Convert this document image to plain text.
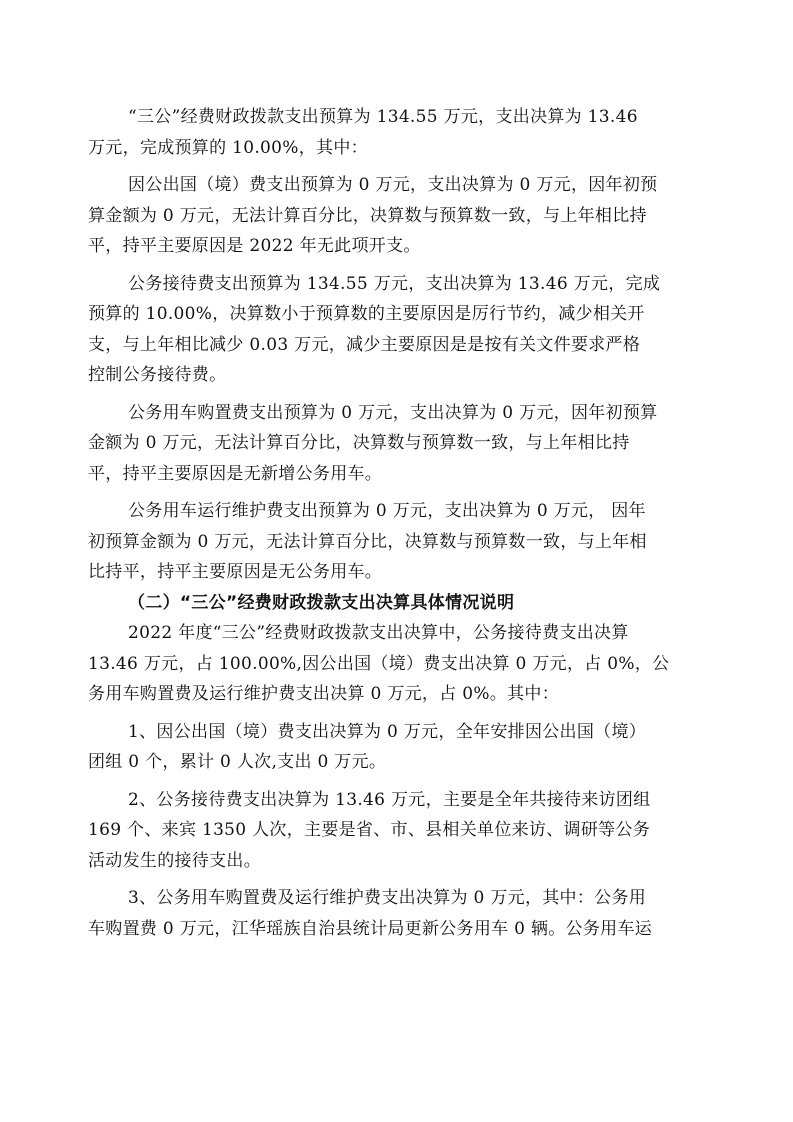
“三公”经费财政拨款支出预算为 134.55 万元，支出决算为 13.46
万元，完成预算的 10.00%，其中：
因公出国（境）费支出预算为 0 万元，支出决算为 0 万元，因年初预
算金额为 0 万元，无法计算百分比，决算数与预算数一致，与上年相比持
平，持平主要原因是 2022 年无此项开支。
公务接待费支出预算为 134.55 万元，支出决算为 13.46 万元，完成
预算的 10.00%，决算数小于预算数的主要原因是厉行节约，减少相关开
支，与上年相比减少 0.03 万元，减少主要原因是是按有关文件要求严格
控制公务接待费。
公务用车购置费支出预算为 0 万元，支出决算为 0 万元，因年初预算
金额为 0 万元，无法计算百分比，决算数与预算数一致，与上年相比持
平，持平主要原因是无新增公务用车。
公务用车运行维护费支出预算为 0 万元，支出决算为 0 万元， 因年
初预算金额为 0 万元，无法计算百分比，决算数与预算数一致，与上年相
比持平，持平主要原因是无公务用车。
（二）“三公”经费财政拨款支出决算具体情况说明
2022 年度“三公”经费财政拨款支出决算中，公务接待费支出决算
13.46 万元，占 100.00%,因公出国（境）费支出决算 0 万元，占 0%，公
务用车购置费及运行维护费支出决算 0 万元，占 0%。其中：
1、因公出国（境）费支出决算为 0 万元，全年安排因公出国（境）
团组 0 个，累计 0 人次,支出 0 万元。
2、公务接待费支出决算为 13.46 万元，主要是全年共接待来访团组
169 个、来宾 1350 人次，主要是省、市、县相关单位来访、调研等公务
活动发生的接待支出。
3、公务用车购置费及运行维护费支出决算为 0 万元，其中：公务用
车购置费 0 万元，江华瑶族自治县统计局更新公务用车 0 辆。公务用车运
